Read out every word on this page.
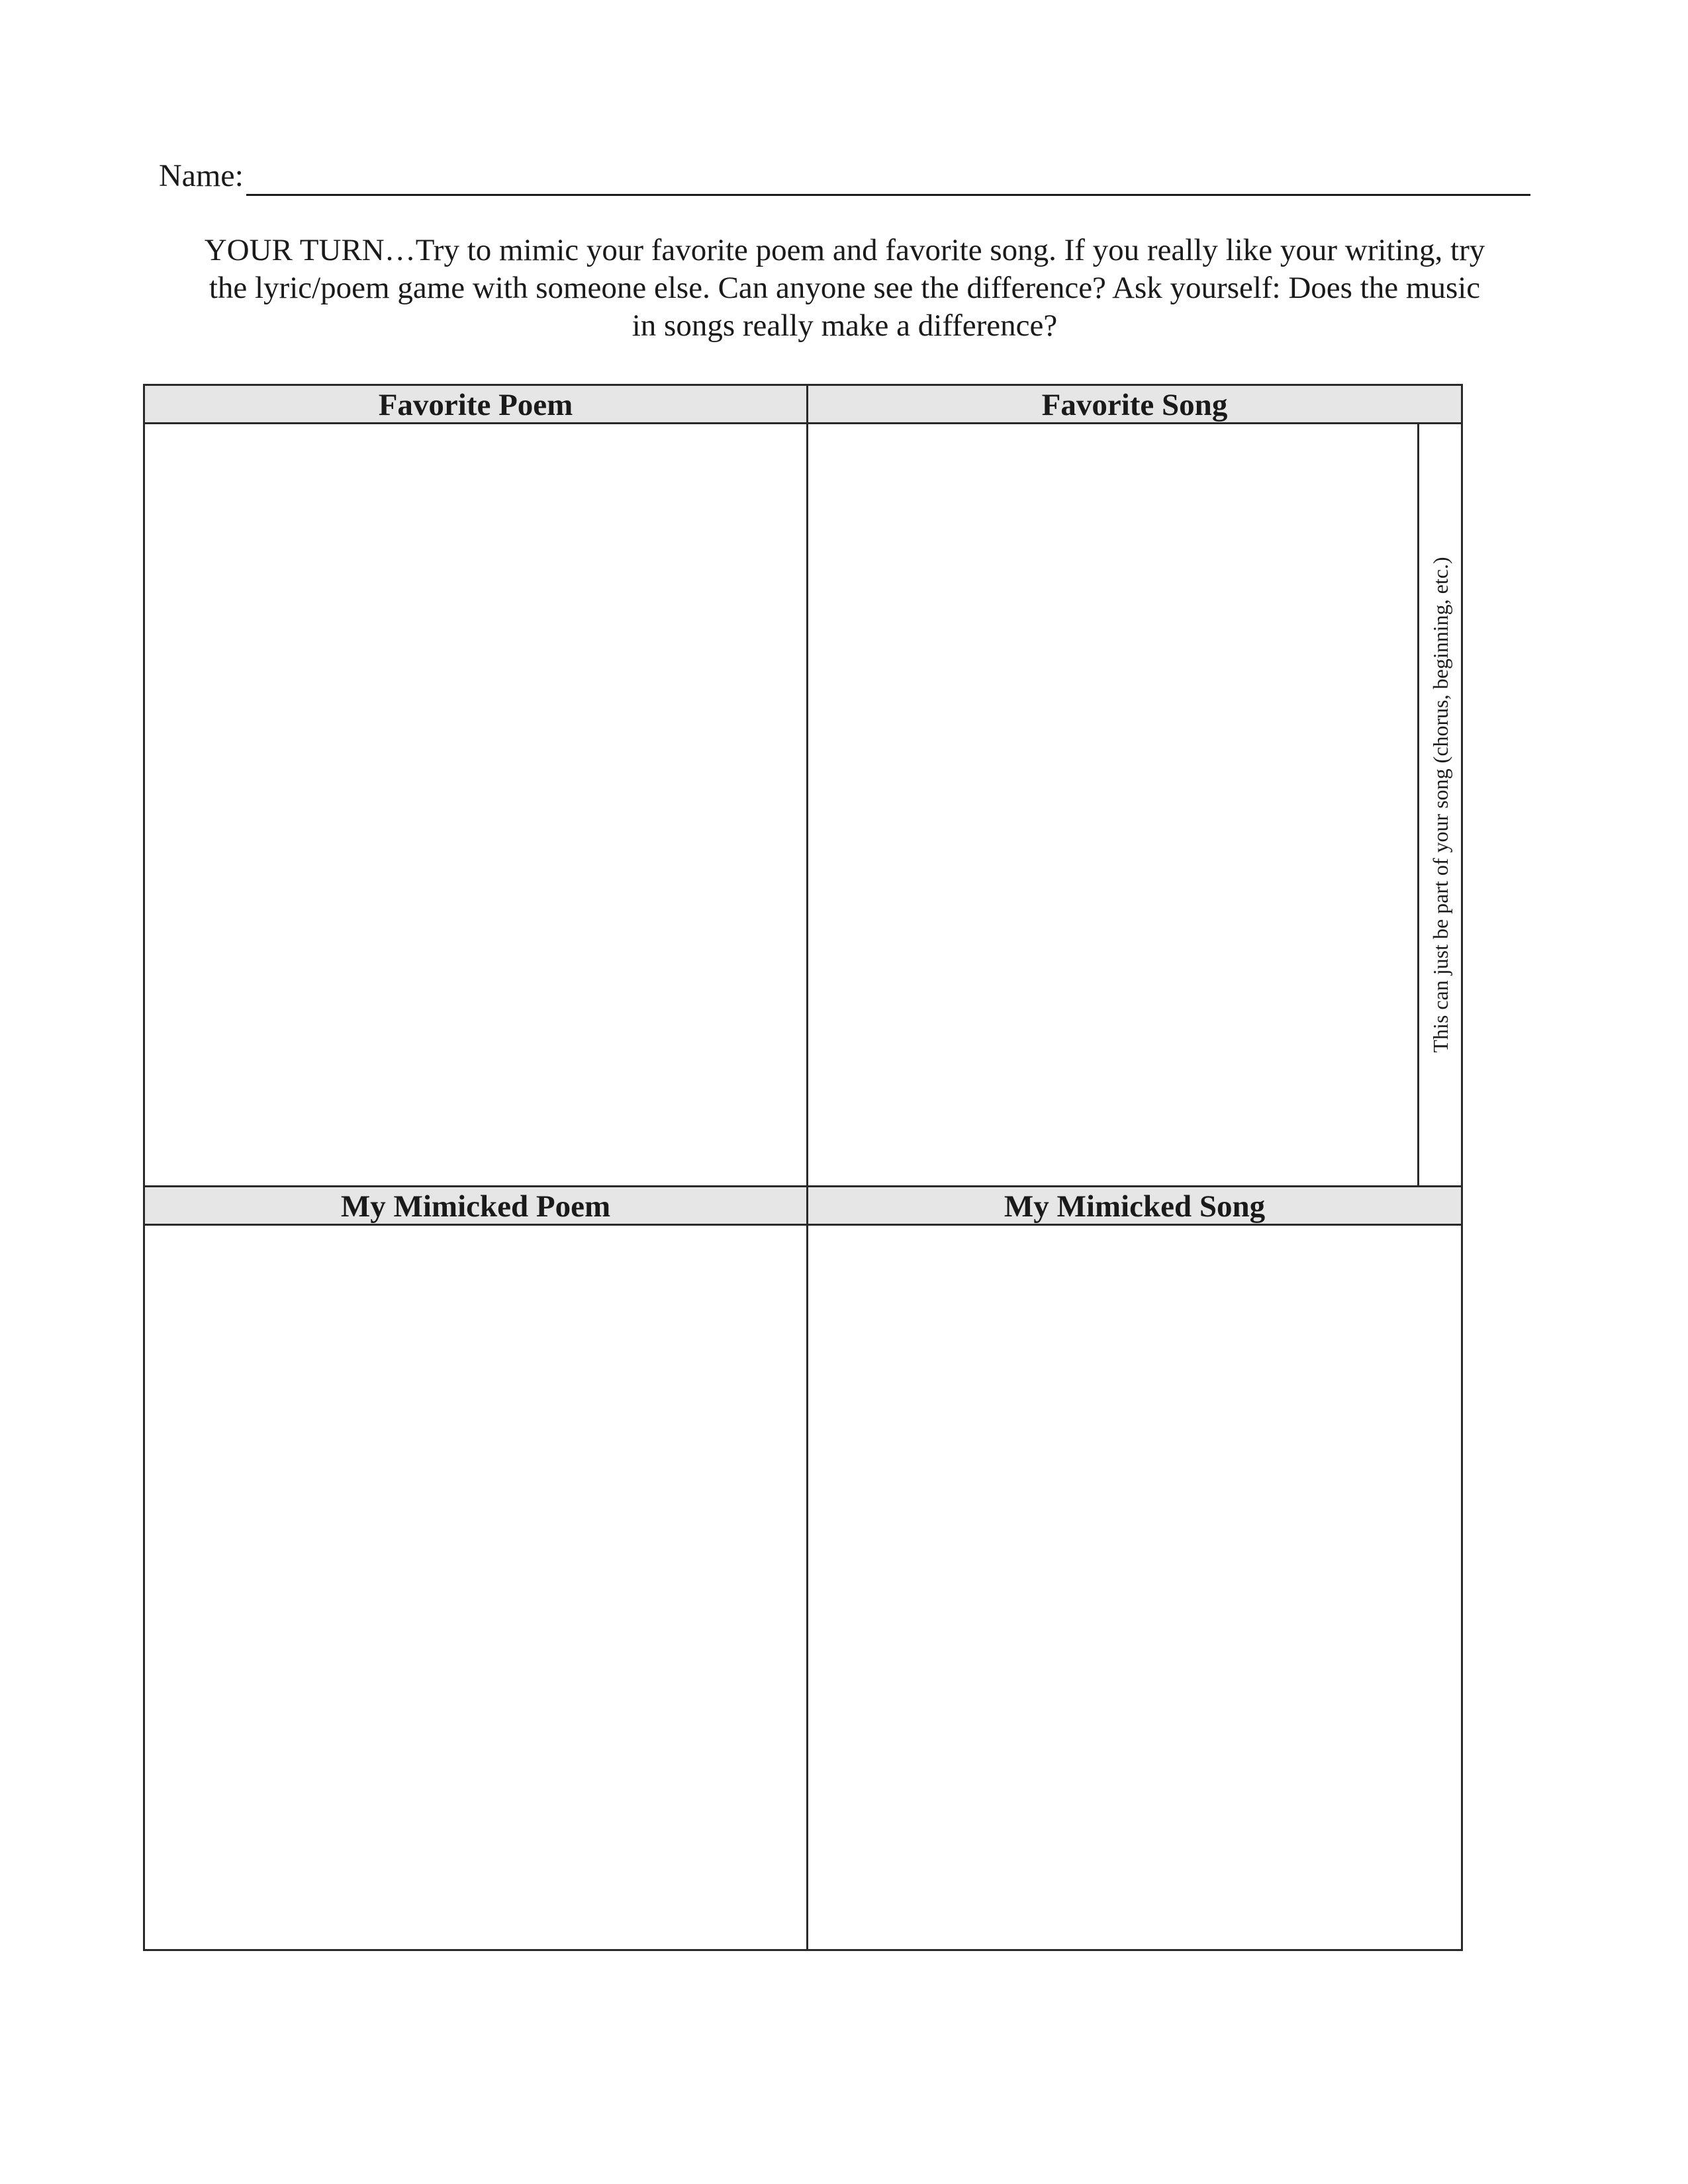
Name:

YOUR TURN…Try to mimic your favorite poem and favorite song. If you really like your writing, try
the lyric/poem game with someone else. Can anyone see the difference? Ask yourself: Does the music
in songs really make a difference?

Favorite Poem	Favorite Song
This can just be part of your song (chorus, beginning, etc.)
My Mimicked Poem	My Mimicked Song
